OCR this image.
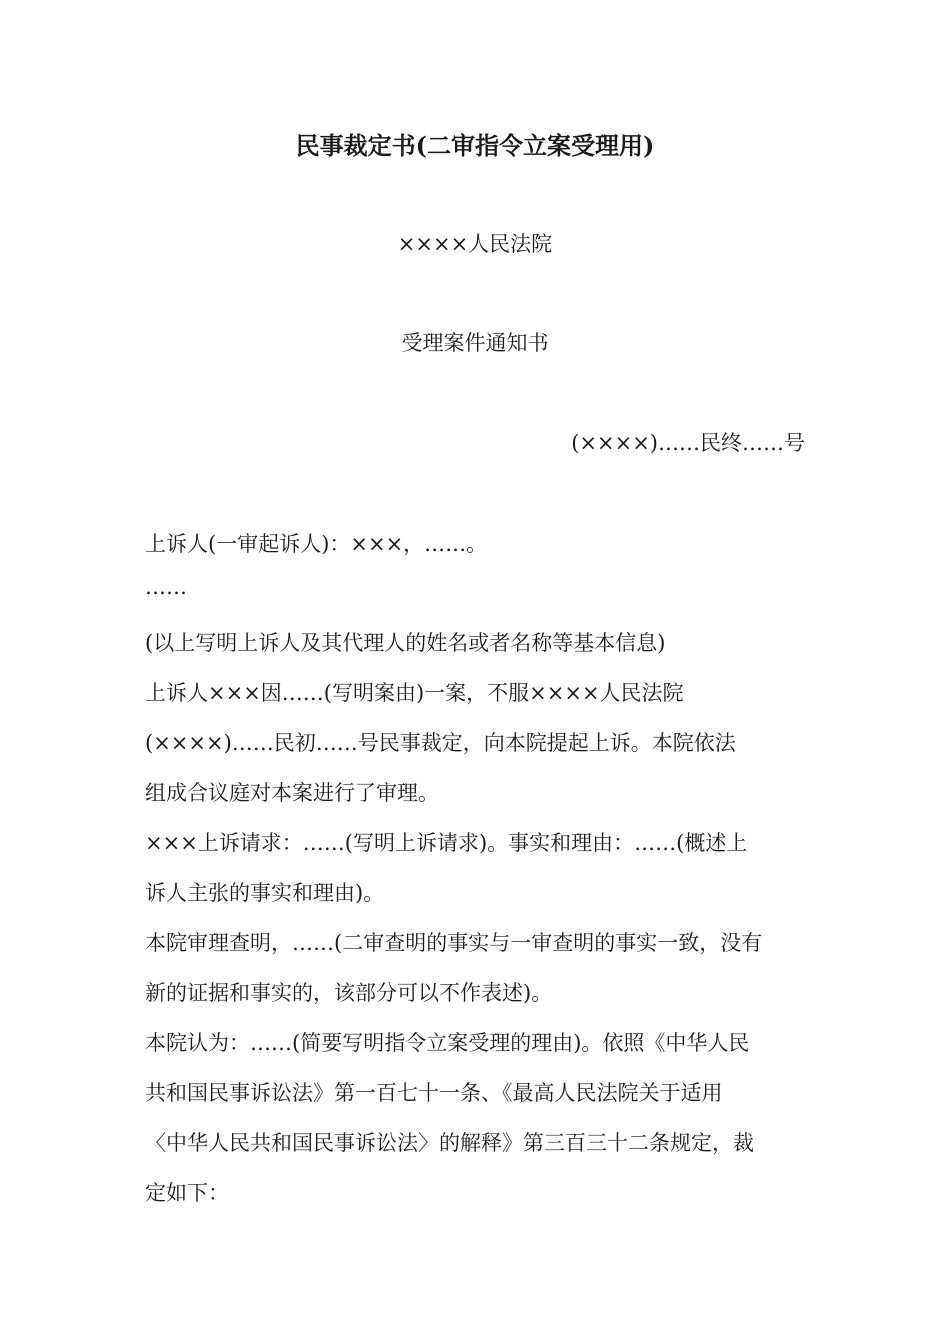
民事裁定书(二审指令立案受理用)
××××人民法院
受理案件通知书
(××××)……民终……号
上诉人(一审起诉人)：×××，……。
……
(以上写明上诉人及其代理人的姓名或者名称等基本信息)
上诉人×××因……(写明案由)一案，不服××××人民法院
(××××)……民初……号民事裁定，向本院提起上诉。本院依法
组成合议庭对本案进行了审理。
×××上诉请求：……(写明上诉请求)。事实和理由：……(概述上
诉人主张的事实和理由)。
本院审理查明，……(二审查明的事实与一审查明的事实一致，没有
新的证据和事实的，该部分可以不作表述)。
本院认为：……(简要写明指令立案受理的理由)。依照《中华人民
共和国民事诉讼法》第一百七十一条、《最高人民法院关于适用
〈中华人民共和国民事诉讼法〉的解释》第三百三十二条规定，裁
定如下：
